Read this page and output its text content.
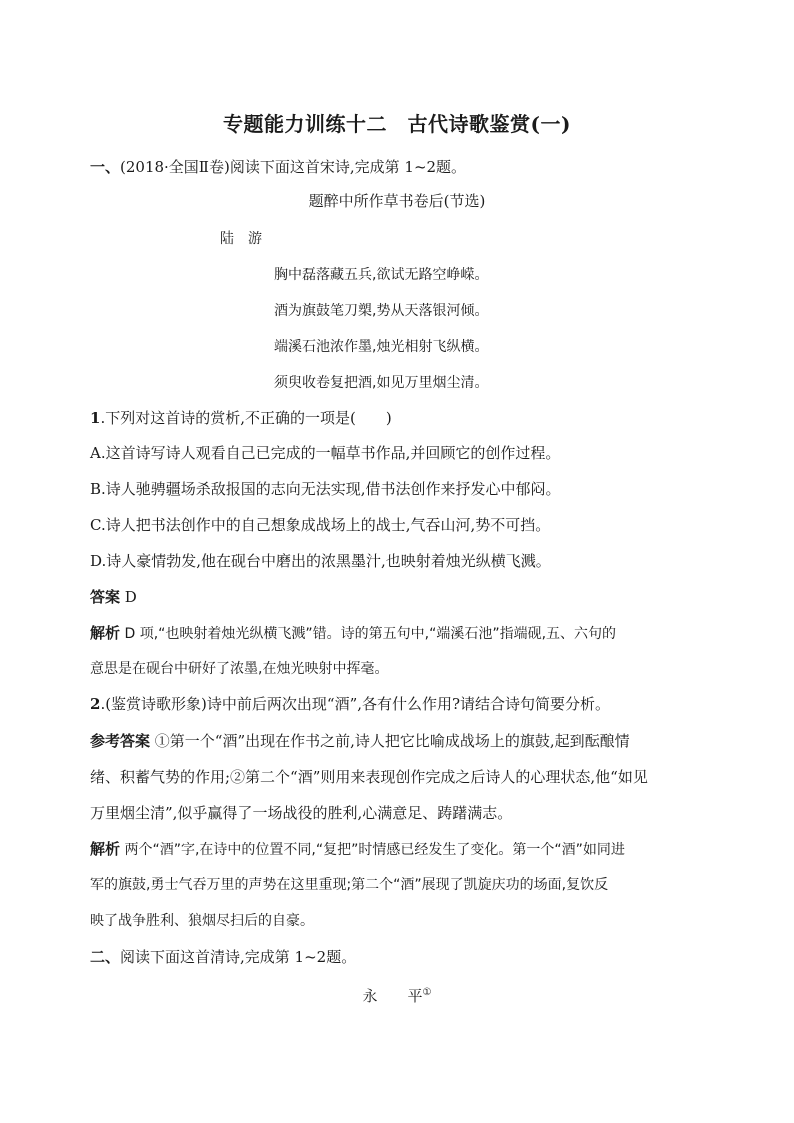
专题能力训练十二　古代诗歌鉴赏(一)
一、(2018·全国Ⅱ卷)阅读下面这首宋诗,完成第 1~2题。
题醉中所作草书卷后(节选)
陆　游
胸中磊落藏五兵,欲试无路空峥嵘。
酒为旗鼓笔刀槊,势从天落银河倾。
端溪石池浓作墨,烛光相射飞纵横。
须臾收卷复把酒,如见万里烟尘清。
1.下列对这首诗的赏析,不正确的一项是(　　)
A.这首诗写诗人观看自己已完成的一幅草书作品,并回顾它的创作过程。
B.诗人驰骋疆场杀敌报国的志向无法实现,借书法创作来抒发心中郁闷。
C.诗人把书法创作中的自己想象成战场上的战士,气吞山河,势不可挡。
D.诗人豪情勃发,他在砚台中磨出的浓黑墨汁,也映射着烛光纵横飞溅。
答案 D
解析 D 项,“也映射着烛光纵横飞溅”错。诗的第五句中,“端溪石池”指端砚,五、六句的
意思是在砚台中研好了浓墨,在烛光映射中挥毫。
2.(鉴赏诗歌形象)诗中前后两次出现“酒”,各有什么作用?请结合诗句简要分析。
参考答案 ①第一个“酒”出现在作书之前,诗人把它比喻成战场上的旗鼓,起到酝酿情
绪、积蓄气势的作用;②第二个“酒”则用来表现创作完成之后诗人的心理状态,他“如见
万里烟尘清”,似乎赢得了一场战役的胜利,心满意足、踌躇满志。
解析 两个“酒”字,在诗中的位置不同,“复把”时情感已经发生了变化。第一个“酒”如同进
军的旗鼓,勇士气吞万里的声势在这里重现;第二个“酒”展现了凯旋庆功的场面,复饮反
映了战争胜利、狼烟尽扫后的自豪。
二、阅读下面这首清诗,完成第 1~2题。
永　　平①
